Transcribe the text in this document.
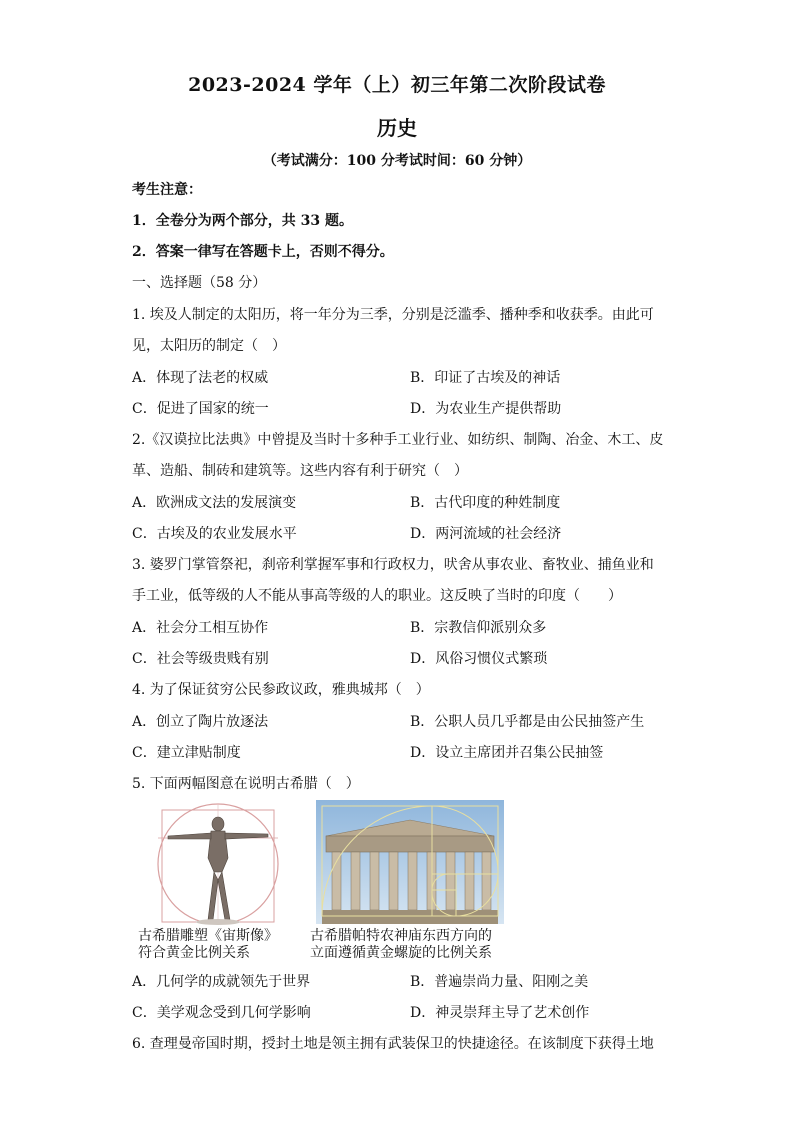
2023-2024 学年（上）初三年第二次阶段试卷
历史
（考试满分：100 分考试时间：60 分钟）
考生注意：
1．全卷分为两个部分，共 33 题。
2．答案一律写在答题卡上，否则不得分。
一、选择题（58 分）
1. 埃及人制定的太阳历，将一年分为三季，分别是泛滥季、播种季和收获季。由此可
见，太阳历的制定（　）
A．体现了法老的权威	B．印证了古埃及的神话
C．促进了国家的统一	D．为农业生产提供帮助
2.《汉谟拉比法典》中曾提及当时十多种手工业行业、如纺织、制陶、冶金、木工、皮
革、造船、制砖和建筑等。这些内容有利于研究（　）
A．欧洲成文法的发展演变	B．古代印度的种姓制度
C．古埃及的农业发展水平	D．两河流域的社会经济
3. 婆罗门掌管祭祀，刹帝利掌握军事和行政权力，吠舍从事农业、畜牧业、捕鱼业和
手工业，低等级的人不能从事高等级的人的职业。这反映了当时的印度（　　）
A．社会分工相互协作	B．宗教信仰派别众多
C．社会等级贵贱有别	D．风俗习惯仪式繁琐
4. 为了保证贫穷公民参政议政，雅典城邦（　）
A．创立了陶片放逐法	B．公职人员几乎都是由公民抽签产生
C．建立津贴制度	D．设立主席团并召集公民抽签
5. 下面两幅图意在说明古希腊（　）
古希腊雕塑《宙斯像》
符合黄金比例关系
古希腊帕特农神庙东西方向的
立面遵循黄金螺旋的比例关系
A．几何学的成就领先于世界	B．普遍崇尚力量、阳刚之美
C．美学观念受到几何学影响	D．神灵崇拜主导了艺术创作
6. 查理曼帝国时期，授封土地是领主拥有武装保卫的快捷途径。在该制度下获得土地
